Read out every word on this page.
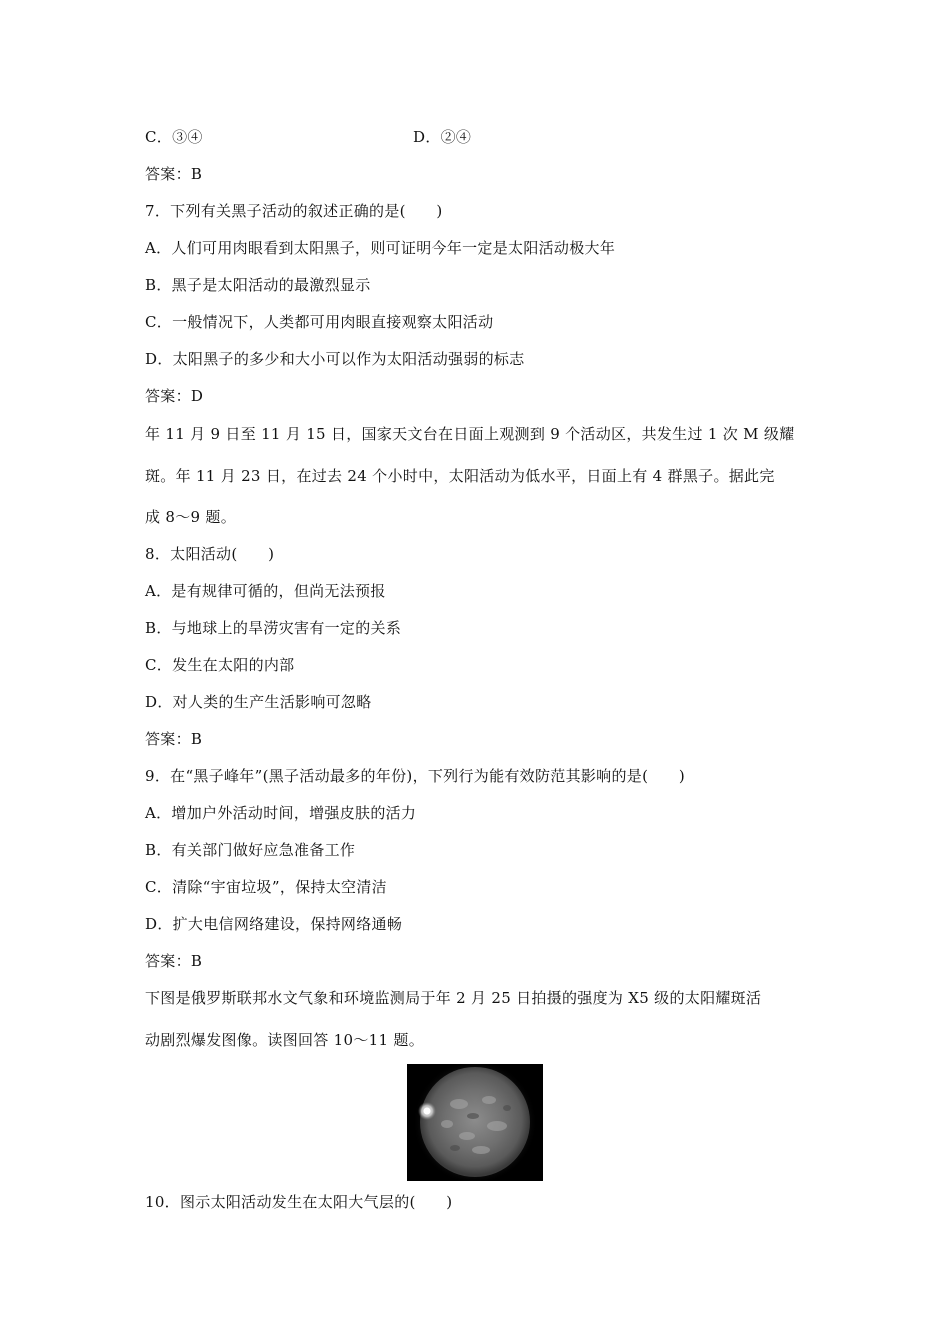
C．③④	D．②④
答案：B
7．下列有关黑子活动的叙述正确的是(　　)
A．人们可用肉眼看到太阳黑子，则可证明今年一定是太阳活动极大年
B．黑子是太阳活动的最激烈显示
C．一般情况下，人类都可用肉眼直接观察太阳活动
D．太阳黑子的多少和大小可以作为太阳活动强弱的标志
答案：D
年 11 月 9 日至 11 月 15 日，国家天文台在日面上观测到 9 个活动区，共发生过 1 次 M 级耀
斑。年 11 月 23 日，在过去 24 个小时中，太阳活动为低水平，日面上有 4 群黑子。据此完
成 8～9 题。
8．太阳活动(　　)
A．是有规律可循的，但尚无法预报
B．与地球上的旱涝灾害有一定的关系
C．发生在太阳的内部
D．对人类的生产生活影响可忽略
答案：B
9．在“黑子峰年”(黑子活动最多的年份)，下列行为能有效防范其影响的是(　　)
A．增加户外活动时间，增强皮肤的活力
B．有关部门做好应急准备工作
C．清除“宇宙垃圾”，保持太空清洁
D．扩大电信网络建设，保持网络通畅
答案：B
下图是俄罗斯联邦水文气象和环境监测局于年 2 月 25 日拍摄的强度为 X5 级的太阳耀斑活
动剧烈爆发图像。读图回答 10～11 题。
10．图示太阳活动发生在太阳大气层的(　　)
